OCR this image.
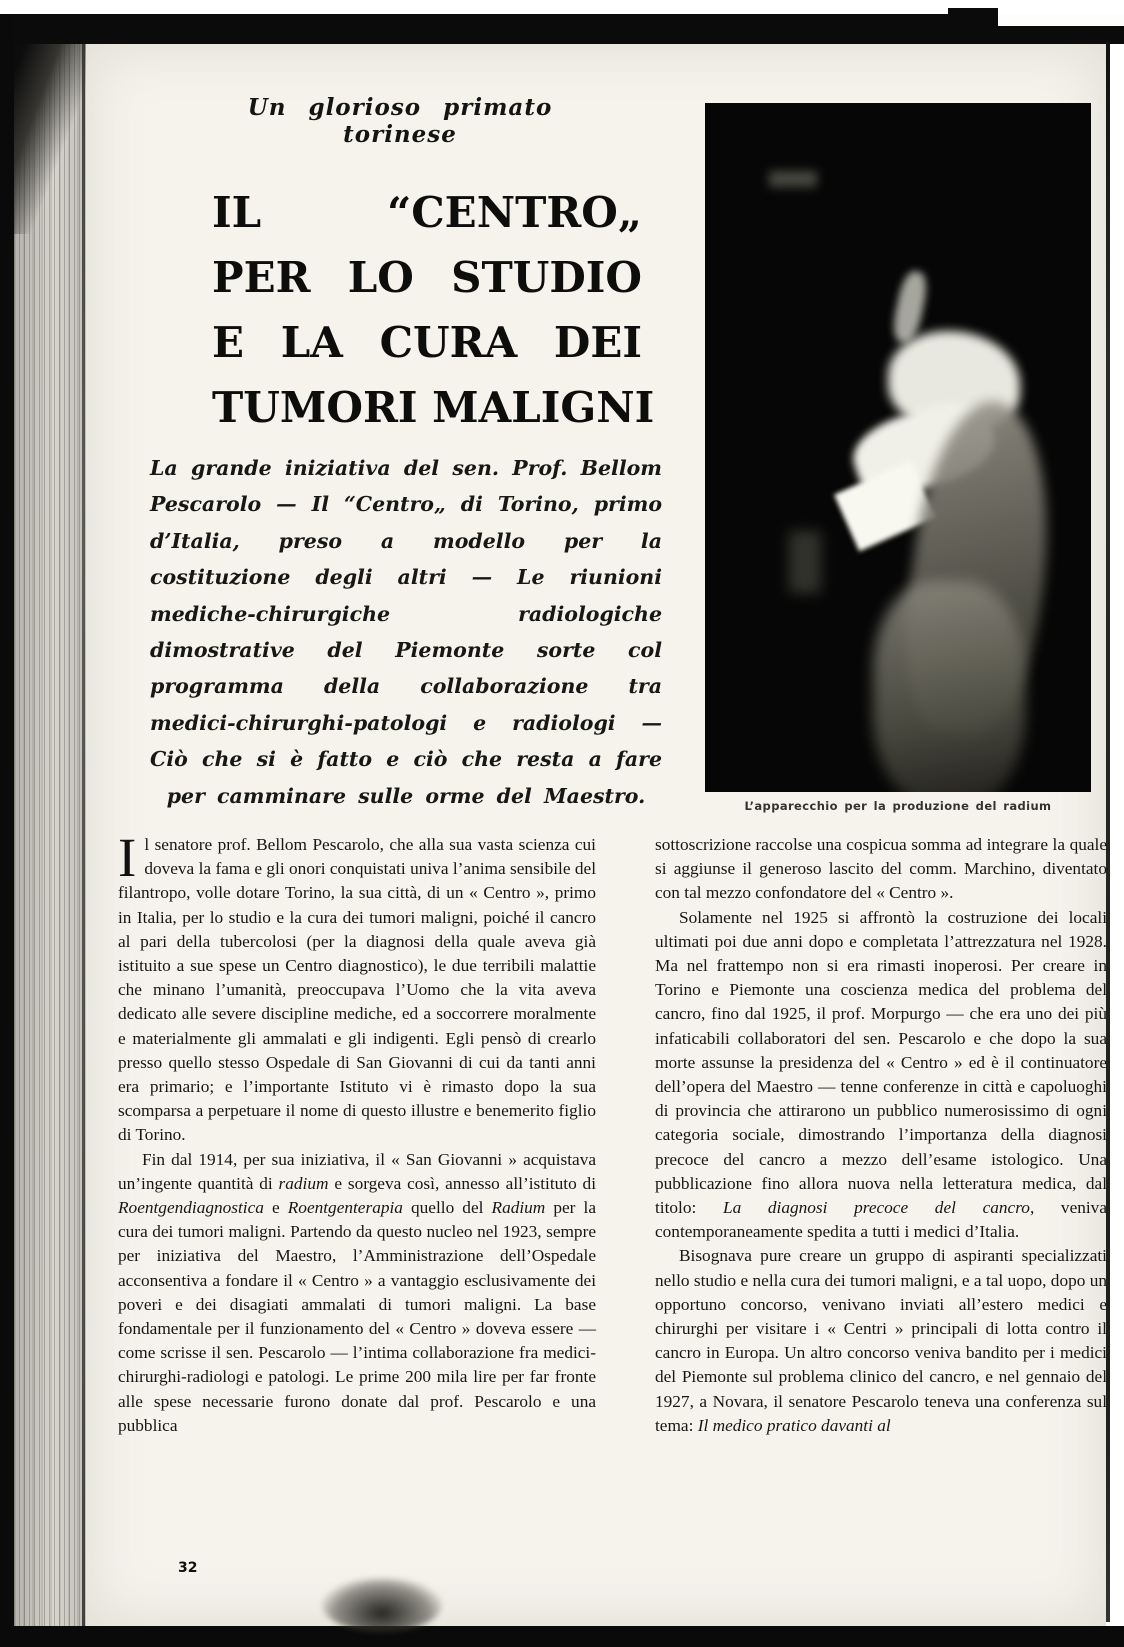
Un glorioso primato torinese
IL “CENTRO„
PER LO STUDIO
E LA CURA DEI
TUMORI MALIGNI
La grande iniziativa del sen. Prof. Bellom Pescarolo — Il “Centro„ di Torino, primo d’Italia, preso a modello per la costituzione degli altri — Le riunioni mediche-chirurgiche radiologiche dimostrative del Piemonte sorte col programma della collaborazione tra medici-chirurghi-patologi e radiologi — Ciò che si è fatto e ciò che resta a fare per camminare sulle orme del Maestro.	L’apparecchio per la produzione del radium

Il senatore prof. Bellom Pescarolo, che alla sua vasta scienza cui doveva la fama e gli onori conquistati univa l’anima sensibile del filantropo, volle dotare Torino, la sua città, di un « Centro », primo in Italia, per lo studio e la cura dei tumori maligni, poiché il cancro al pari della tubercolosi (per la diagnosi della quale aveva già istituito a sue spese un Centro diagnostico), le due terribili malattie che minano l’umanità, preoccupava l’Uomo che la vita aveva dedicato alle severe discipline mediche, ed a soccorrere moralmente e materialmente gli ammalati e gli indigenti. Egli pensò di crearlo presso quello stesso Ospedale di San Giovanni di cui da tanti anni era primario; e l’importante Istituto vi è rimasto dopo la sua scomparsa a perpetuare il nome di questo illustre e benemerito figlio di Torino.

Fin dal 1914, per sua iniziativa, il « San Giovanni » acquistava un’ingente quantità di radium e sorgeva così, annesso all’istituto di Roentgendiagnostica e Roentgenterapia quello del Radium per la cura dei tumori maligni. Partendo da questo nucleo nel 1923, sempre per iniziativa del Maestro, l’Amministrazione dell’Ospedale acconsentiva a fondare il « Centro » a vantaggio esclusivamente dei poveri e dei disagiati ammalati di tumori maligni. La base fondamentale per il funzionamento del « Centro » doveva essere — come scrisse il sen. Pescarolo — l’intima collaborazione fra medici-chirurghi-radiologi e patologi. Le prime 200 mila lire per far fronte alle spese necessarie furono donate dal prof. Pescarolo e una pubblica

sottoscrizione raccolse una cospicua somma ad integrare la quale si aggiunse il generoso lascito del comm. Marchino, diventato con tal mezzo confondatore del « Centro ».

Solamente nel 1925 si affrontò la costruzione dei locali ultimati poi due anni dopo e completata l’attrezzatura nel 1928. Ma nel frattempo non si era rimasti inoperosi. Per creare in Torino e Piemonte una coscienza medica del problema del cancro, fino dal 1925, il prof. Morpurgo — che era uno dei più infaticabili collaboratori del sen. Pescarolo e che dopo la sua morte assunse la presidenza del « Centro » ed è il continuatore dell’opera del Maestro — tenne conferenze in città e capoluoghi di provincia che attirarono un pubblico numerosissimo di ogni categoria sociale, dimostrando l’importanza della diagnosi precoce del cancro a mezzo dell’esame istologico. Una pubblicazione fino allora nuova nella letteratura medica, dal titolo: La diagnosi precoce del cancro, veniva contemporaneamente spedita a tutti i medici d’Italia.

Bisognava pure creare un gruppo di aspiranti specializzati nello studio e nella cura dei tumori maligni, e a tal uopo, dopo un opportuno concorso, venivano inviati all’estero medici e chirurghi per visitare i « Centri » principali di lotta contro il cancro in Europa. Un altro concorso veniva bandito per i medici del Piemonte sul problema clinico del cancro, e nel gennaio del 1927, a Novara, il senatore Pescarolo teneva una conferenza sul tema: Il medico pratico davanti al

32
